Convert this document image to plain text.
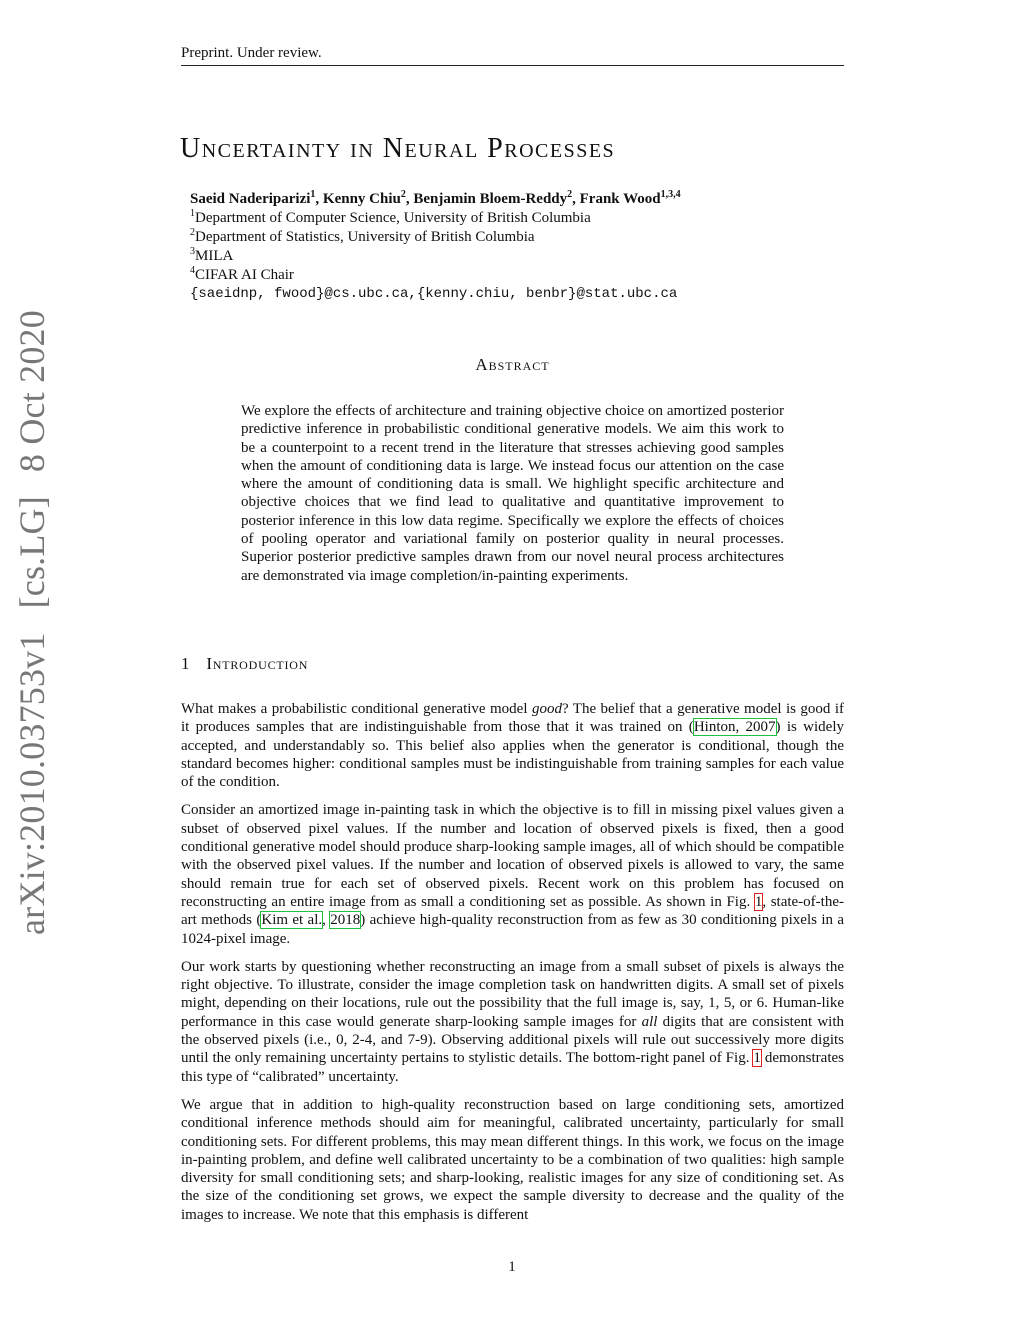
Preprint. Under review.
arXiv:2010.03753v1[cs.LG]8 Oct 2020
Uncertainty in Neural Processes
Saeid Naderiparizi$^1$, Kenny Chiu$^2$, Benjamin Bloem-Reddy$^2$, Frank Wood$^{1,3,4}$
$^1$Department of Computer Science, University of British Columbia
$^2$Department of Statistics, University of British Columbia
$^3$MILA
$^4$CIFAR AI Chair
{saeidnp, fwood}@cs.ubc.ca,{kenny.chiu, benbr}@stat.ubc.ca
Abstract
We explore the effects of architecture and training objective choice on amortized posterior predictive inference in probabilistic conditional generative models. We aim this work to be a counterpoint to a recent trend in the literature that stresses achieving good samples when the amount of conditioning data is large. We instead focus our attention on the case where the amount of conditioning data is small. We highlight specific architecture and objective choices that we find lead to qualitative and quantitative improvement to posterior inference in this low data regime. Specifically we explore the effects of choices of pooling operator and variational family on posterior quality in neural processes. Superior posterior predictive samples drawn from our novel neural process architectures are demonstrated via image completion/in-painting experiments.
1 Introduction

What makes a probabilistic conditional generative model good? The belief that a generative model is good if it produces samples that are indistinguishable from those that it was trained on (Hinton, 2007) is widely accepted, and understandably so. This belief also applies when the generator is conditional, though the standard becomes higher: conditional samples must be indistinguishable from training samples for each value of the condition.

Consider an amortized image in-painting task in which the objective is to fill in missing pixel values given a subset of observed pixel values. If the number and location of observed pixels is fixed, then a good conditional generative model should produce sharp-looking sample images, all of which should be compatible with the observed pixel values. If the number and location of observed pixels is allowed to vary, the same should remain true for each set of observed pixels. Recent work on this problem has focused on reconstructing an entire image from as small a conditioning set as possible. As shown in Fig. 1, state-of-the-art methods (Kim et al., 2018) achieve high-quality reconstruction from as few as 30 conditioning pixels in a 1024-pixel image.

Our work starts by questioning whether reconstructing an image from a small subset of pixels is always the right objective. To illustrate, consider the image completion task on handwritten digits. A small set of pixels might, depending on their locations, rule out the possibility that the full image is, say, 1, 5, or 6. Human-like performance in this case would generate sharp-looking sample images for all digits that are consistent with the observed pixels (i.e., 0, 2-4, and 7-9). Observing additional pixels will rule out successively more digits until the only remaining uncertainty pertains to stylistic details. The bottom-right panel of Fig. 1 demonstrates this type of “calibrated” uncertainty.

We argue that in addition to high-quality reconstruction based on large conditioning sets, amortized conditional inference methods should aim for meaningful, calibrated uncertainty, particularly for small conditioning sets. For different problems, this may mean different things. In this work, we focus on the image in-painting problem, and define well calibrated uncertainty to be a combination of two qualities: high sample diversity for small conditioning sets; and sharp-looking, realistic images for any size of conditioning set. As the size of the conditioning set grows, we expect the sample diversity to decrease and the quality of the images to increase. We note that this emphasis is different

1
